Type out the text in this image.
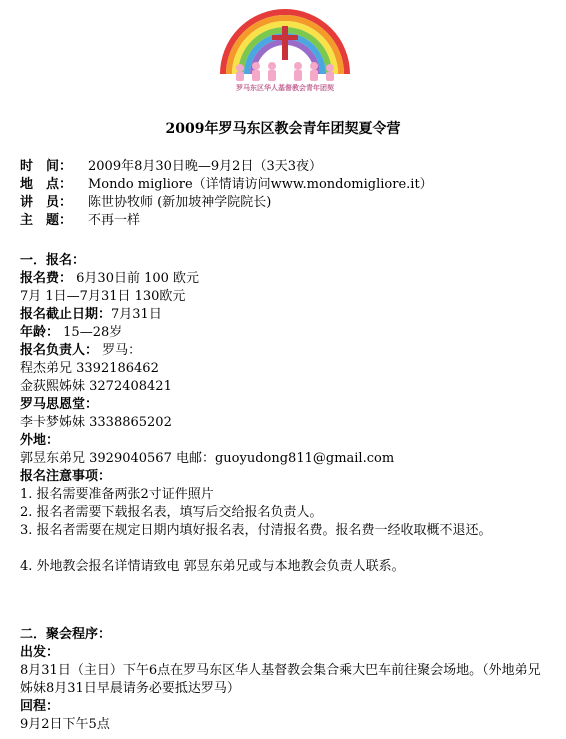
罗马东区华人基督教会青年团契
2009年罗马东区教会青年团契夏令营
时　间： 2009年8月30日晚—9月2日（3天3夜）
地　点： Mondo migliore（详情请访问www.mondomigliore.it）
讲　员： 陈世协牧师 (新加坡神学院院长)
主　题： 不再一样
一．报名：
报名费： 6月30日前 100 欧元
7月 1日—7月31日 130欧元
报名截止日期：7月31日
年龄： 15—28岁
报名负责人： 罗马：
程杰弟兄 3392186462
金荻熙姊妹 3272408421
罗马思恩堂：
李卡梦姊妹 3338865202
外地：
郭昱东弟兄 3929040567 电邮：guoyudong811@gmail.com
报名注意事项：
1. 报名需要准备两张2寸证件照片
2. 报名者需要下载报名表，填写后交给报名负责人。
3. 报名者需要在规定日期内填好报名表，付清报名费。报名费一经收取概不退还。
4. 外地教会报名详情请致电 郭昱东弟兄或与本地教会负责人联系。
二．聚会程序：
出发：
8月31日（主日）下午6点在罗马东区华人基督教会集合乘大巴车前往聚会场地。（外地弟兄姊妹8月31日早晨请务必要抵达罗马）
回程：
9月2日下午5点
